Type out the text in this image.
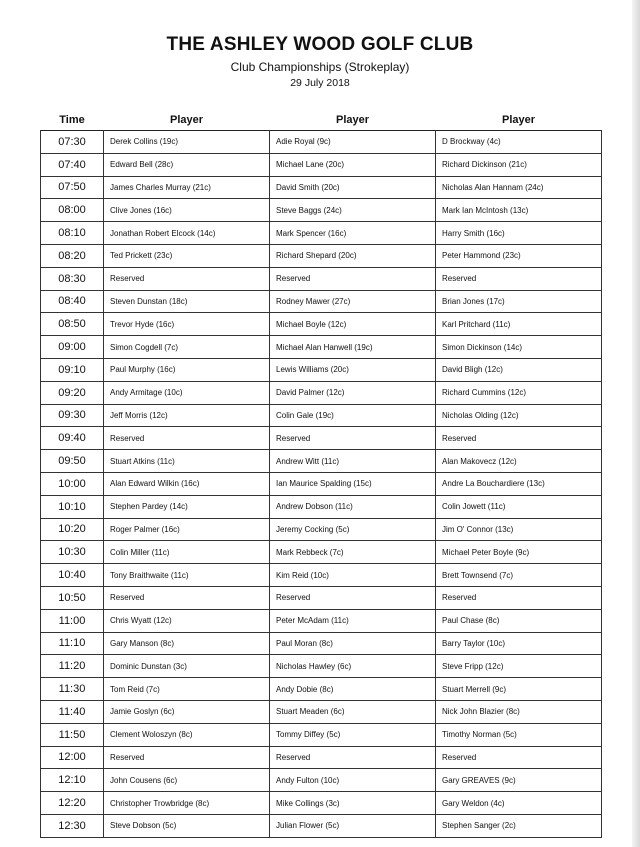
THE ASHLEY WOOD GOLF CLUB
Club Championships (Strokeplay)
29 July 2018
Time	Player	Player	Player
07:30	Derek Collins (19c)	Adie Royal (9c)	D Brockway (4c)
07:40	Edward Bell (28c)	Michael Lane (20c)	Richard Dickinson (21c)
07:50	James Charles Murray (21c)	David Smith (20c)	Nicholas Alan Hannam (24c)
08:00	Clive Jones (16c)	Steve Baggs (24c)	Mark Ian McIntosh (13c)
08:10	Jonathan Robert Elcock (14c)	Mark Spencer (16c)	Harry Smith (16c)
08:20	Ted Prickett (23c)	Richard Shepard (20c)	Peter Hammond (23c)
08:30	Reserved	Reserved	Reserved
08:40	Steven Dunstan (18c)	Rodney Mawer (27c)	Brian Jones (17c)
08:50	Trevor Hyde (16c)	Michael Boyle (12c)	Karl Pritchard (11c)
09:00	Simon Cogdell (7c)	Michael Alan Hanwell (19c)	Simon Dickinson (14c)
09:10	Paul Murphy (16c)	Lewis Williams (20c)	David Bligh (12c)
09:20	Andy Armitage (10c)	David Palmer (12c)	Richard Cummins (12c)
09:30	Jeff Morris (12c)	Colin Gale (19c)	Nicholas Olding (12c)
09:40	Reserved	Reserved	Reserved
09:50	Stuart Atkins (11c)	Andrew Witt (11c)	Alan Makovecz (12c)
10:00	Alan Edward Wilkin (16c)	Ian Maurice Spalding (15c)	Andre La Bouchardiere (13c)
10:10	Stephen Pardey (14c)	Andrew Dobson (11c)	Colin Jowett (11c)
10:20	Roger Palmer (16c)	Jeremy Cocking (5c)	Jim O' Connor (13c)
10:30	Colin Miller (11c)	Mark Rebbeck (7c)	Michael Peter Boyle (9c)
10:40	Tony Braithwaite (11c)	Kim Reid (10c)	Brett Townsend (7c)
10:50	Reserved	Reserved	Reserved
11:00	Chris Wyatt (12c)	Peter McAdam (11c)	Paul Chase (8c)
11:10	Gary Manson (8c)	Paul Moran (8c)	Barry Taylor (10c)
11:20	Dominic Dunstan (3c)	Nicholas Hawley (6c)	Steve Fripp (12c)
11:30	Tom Reid (7c)	Andy Dobie (8c)	Stuart Merrell (9c)
11:40	Jamie Goslyn (6c)	Stuart Meaden (6c)	Nick John Blazier (8c)
11:50	Clement Woloszyn (8c)	Tommy Diffey (5c)	Timothy Norman (5c)
12:00	Reserved	Reserved	Reserved
12:10	John Cousens (6c)	Andy Fulton (10c)	Gary GREAVES (9c)
12:20	Christopher Trowbridge (8c)	Mike Collings (3c)	Gary Weldon (4c)
12:30	Steve Dobson (5c)	Julian Flower (5c)	Stephen Sanger (2c)
